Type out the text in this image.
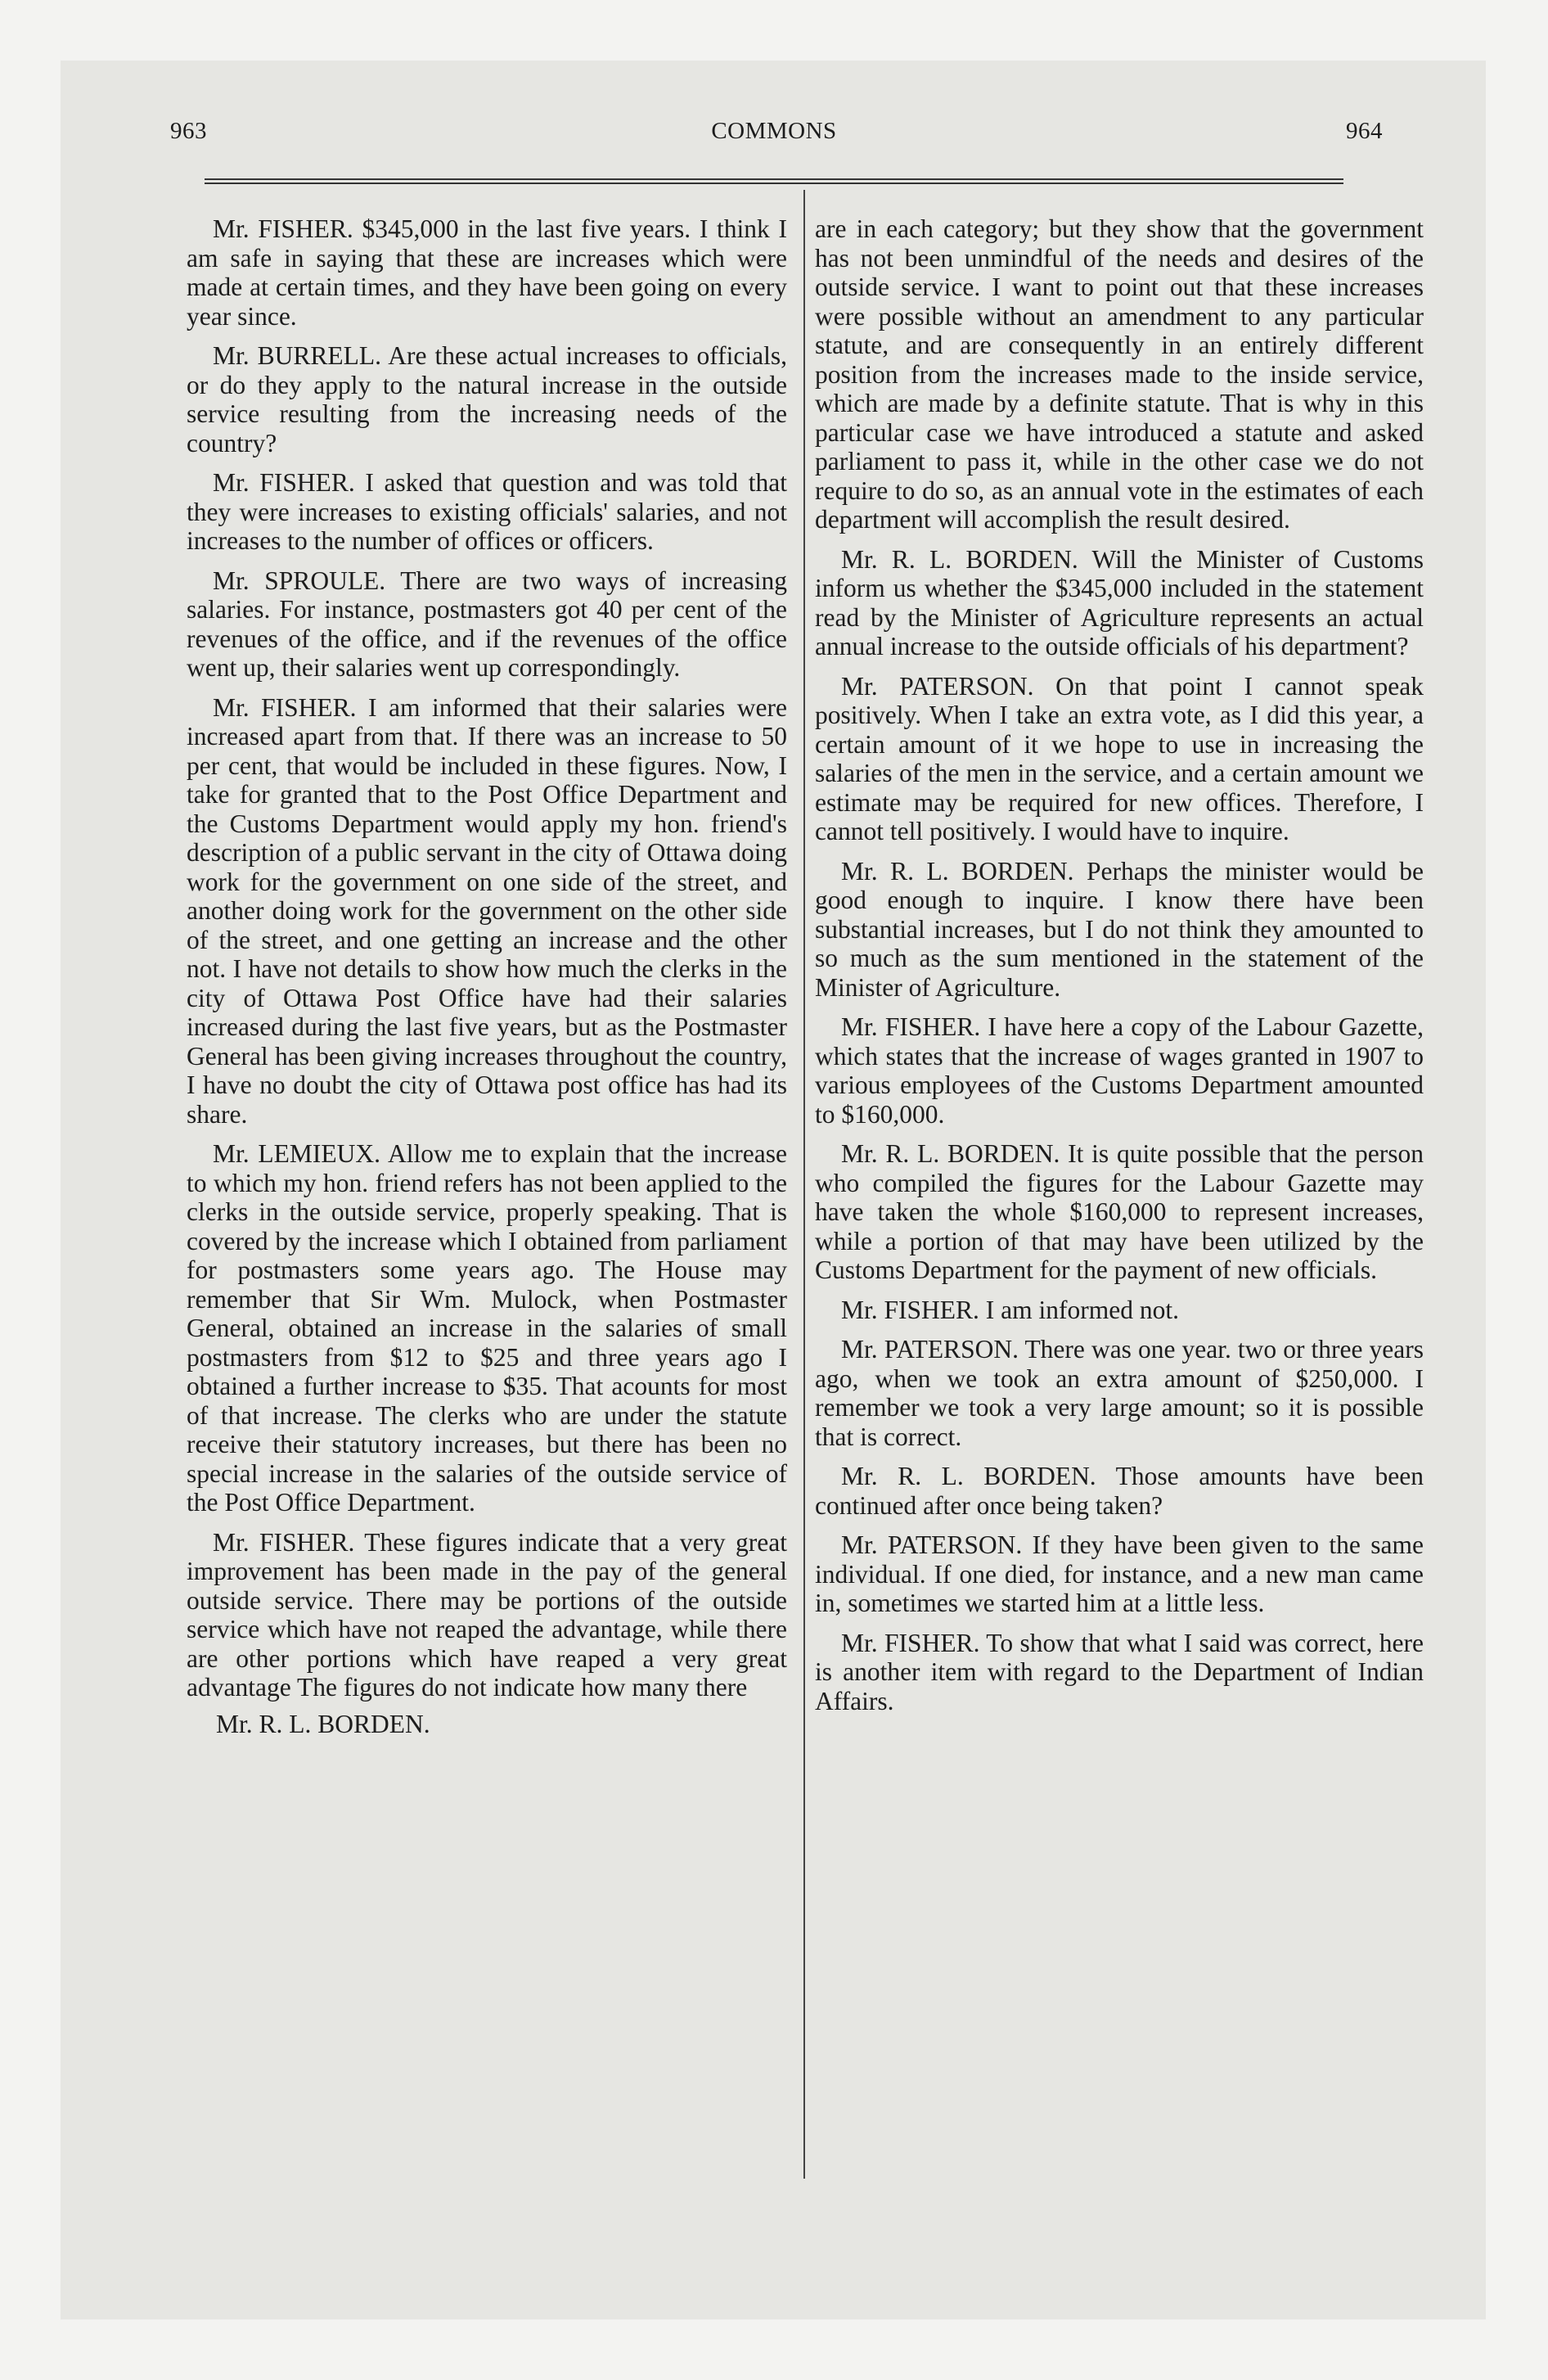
963	COMMONS	964

Mr. FISHER. $345,000 in the last five years. I think I am safe in saying that these are increases which were made at certain times, and they have been going on every year since.

Mr. BURRELL. Are these actual increases to officials, or do they apply to the natural increase in the outside service resulting from the increasing needs of the country?

Mr. FISHER. I asked that question and was told that they were increases to existing officials' salaries, and not increases to the number of offices or officers.

Mr. SPROULE. There are two ways of increasing salaries. For instance, postmasters got 40 per cent of the revenues of the office, and if the revenues of the office went up, their salaries went up correspondingly.

Mr. FISHER. I am informed that their salaries were increased apart from that. If there was an increase to 50 per cent, that would be included in these figures. Now, I take for granted that to the Post Office Department and the Customs Department would apply my hon. friend's description of a public servant in the city of Ottawa doing work for the government on one side of the street, and another doing work for the government on the other side of the street, and one getting an increase and the other not. I have not details to show how much the clerks in the city of Ottawa Post Office have had their salaries increased during the last five years, but as the Postmaster General has been giving increases throughout the country, I have no doubt the city of Ottawa post office has had its share.

Mr. LEMIEUX. Allow me to explain that the increase to which my hon. friend refers has not been applied to the clerks in the outside service, properly speaking. That is covered by the increase which I obtained from parliament for postmasters some years ago. The House may remember that Sir Wm. Mulock, when Postmaster General, obtained an increase in the salaries of small postmasters from $12 to $25 and three years ago I obtained a further increase to $35. That acounts for most of that increase. The clerks who are under the statute receive their statutory increases, but there has been no special increase in the salaries of the outside service of the Post Office Department.

Mr. FISHER. These figures indicate that a very great improvement has been made in the pay of the general outside service. There may be portions of the outside service which have not reaped the advantage, while there are other portions which have reaped a very great advantage The figures do not indicate how many there

Mr. R. L. BORDEN.

are in each category; but they show that the government has not been unmindful of the needs and desires of the outside service. I want to point out that these increases were possible without an amendment to any particular statute, and are consequently in an entirely different position from the increases made to the inside service, which are made by a definite statute. That is why in this particular case we have introduced a statute and asked parliament to pass it, while in the other case we do not require to do so, as an annual vote in the estimates of each department will accomplish the result desired.

Mr. R. L. BORDEN. Will the Minister of Customs inform us whether the $345,000 included in the statement read by the Minister of Agriculture represents an actual annual increase to the outside officials of his department?

Mr. PATERSON. On that point I cannot speak positively. When I take an extra vote, as I did this year, a certain amount of it we hope to use in increasing the salaries of the men in the service, and a certain amount we estimate may be required for new offices. Therefore, I cannot tell positively. I would have to inquire.

Mr. R. L. BORDEN. Perhaps the minister would be good enough to inquire. I know there have been substantial increases, but I do not think they amounted to so much as the sum mentioned in the statement of the Minister of Agriculture.

Mr. FISHER. I have here a copy of the Labour Gazette, which states that the increase of wages granted in 1907 to various employees of the Customs Department amounted to $160,000.

Mr. R. L. BORDEN. It is quite possible that the person who compiled the figures for the Labour Gazette may have taken the whole $160,000 to represent increases, while a portion of that may have been utilized by the Customs Department for the payment of new officials.

Mr. FISHER. I am informed not.

Mr. PATERSON. There was one year. two or three years ago, when we took an extra amount of $250,000. I remember we took a very large amount; so it is possible that is correct.

Mr. R. L. BORDEN. Those amounts have been continued after once being taken?

Mr. PATERSON. If they have been given to the same individual. If one died, for instance, and a new man came in, sometimes we started him at a little less.

Mr. FISHER. To show that what I said was correct, here is another item with regard to the Department of Indian Affairs.
